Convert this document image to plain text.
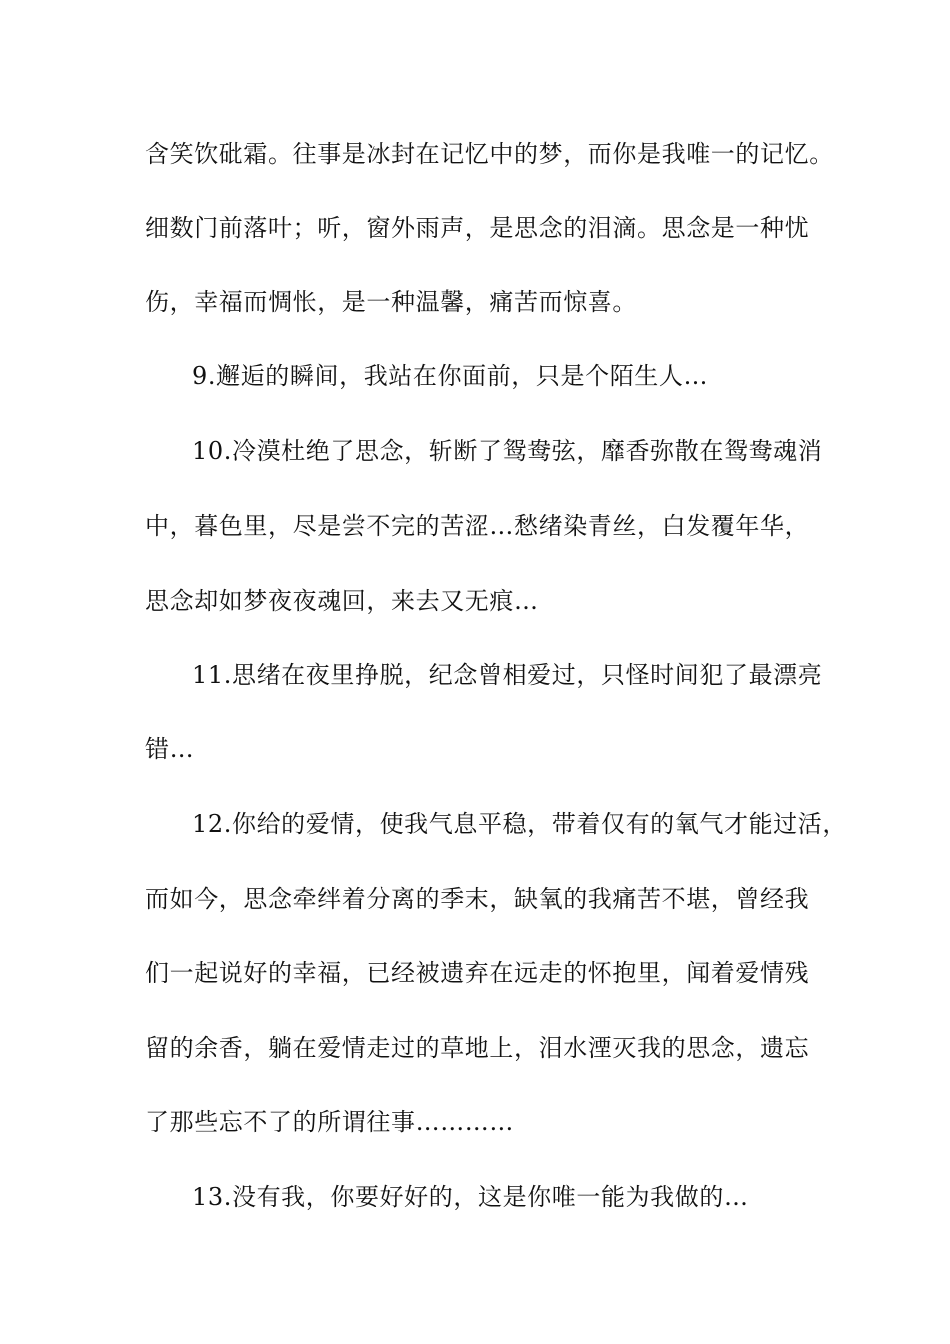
含笑饮砒霜。往事是冰封在记忆中的梦，而你是我唯一的记忆。
细数门前落叶；听，窗外雨声，是思念的泪滴。思念是一种忧
伤，幸福而惆怅，是一种温馨，痛苦而惊喜。
9.邂逅的瞬间，我站在你面前，只是个陌生人…
10.冷漠杜绝了思念，斩断了鸳鸯弦，靡香弥散在鸳鸯魂消
中，暮色里，尽是尝不完的苦涩…愁绪染青丝，白发覆年华，
思念却如梦夜夜魂回，来去又无痕…
11.思绪在夜里挣脱，纪念曾相爱过，只怪时间犯了最漂亮
错…
12.你给的爱情，使我气息平稳，带着仅有的氧气才能过活，
而如今，思念牵绊着分离的季末，缺氧的我痛苦不堪，曾经我
们一起说好的幸福，已经被遗弃在远走的怀抱里，闻着爱情残
留的余香，躺在爱情走过的草地上，泪水湮灭我的思念，遗忘
了那些忘不了的所谓往事…………
13.没有我，你要好好的，这是你唯一能为我做的…
